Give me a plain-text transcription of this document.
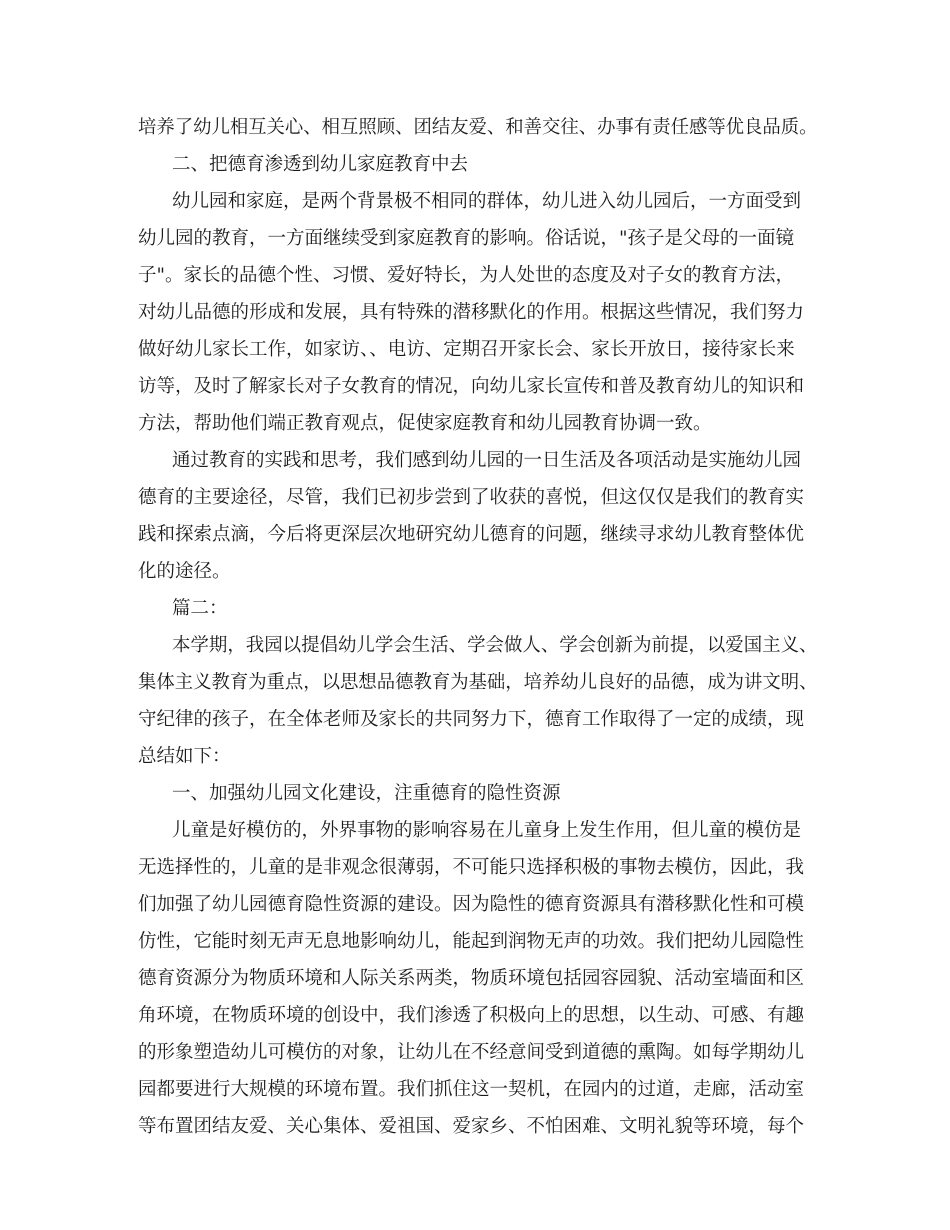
培养了幼儿相互关心、相互照顾、团结友爱、和善交往、办事有责任感等优良品质。
二、把德育渗透到幼儿家庭教育中去
幼儿园和家庭，是两个背景极不相同的群体，幼儿进入幼儿园后，一方面受到
幼儿园的教育，一方面继续受到家庭教育的影响。俗话说，"孩子是父母的一面镜
子"。家长的品德个性、习惯、爱好特长，为人处世的态度及对子女的教育方法，
对幼儿品德的形成和发展，具有特殊的潜移默化的作用。根据这些情况，我们努力
做好幼儿家长工作，如家访、、电访、定期召开家长会、家长开放日，接待家长来
访等，及时了解家长对子女教育的情况，向幼儿家长宣传和普及教育幼儿的知识和
方法，帮助他们端正教育观点，促使家庭教育和幼儿园教育协调一致。
通过教育的实践和思考，我们感到幼儿园的一日生活及各项活动是实施幼儿园
德育的主要途径，尽管，我们已初步尝到了收获的喜悦，但这仅仅是我们的教育实
践和探索点滴，今后将更深层次地研究幼儿德育的问题，继续寻求幼儿教育整体优
化的途径。
篇二：
本学期，我园以提倡幼儿学会生活、学会做人、学会创新为前提，以爱国主义、
集体主义教育为重点，以思想品德教育为基础，培养幼儿良好的品德，成为讲文明、
守纪律的孩子，在全体老师及家长的共同努力下，德育工作取得了一定的成绩，现
总结如下：
一、加强幼儿园文化建设，注重德育的隐性资源
儿童是好模仿的，外界事物的影响容易在儿童身上发生作用，但儿童的模仿是
无选择性的，儿童的是非观念很薄弱，不可能只选择积极的事物去模仿，因此，我
们加强了幼儿园德育隐性资源的建设。因为隐性的德育资源具有潜移默化性和可模
仿性，它能时刻无声无息地影响幼儿，能起到润物无声的功效。我们把幼儿园隐性
德育资源分为物质环境和人际关系两类，物质环境包括园容园貌、活动室墙面和区
角环境，在物质环境的创设中，我们渗透了积极向上的思想，以生动、可感、有趣
的形象塑造幼儿可模仿的对象，让幼儿在不经意间受到道德的熏陶。如每学期幼儿
园都要进行大规模的环境布置。我们抓住这一契机，在园内的过道，走廊，活动室
等布置团结友爱、关心集体、爱祖国、爱家乡、不怕困难、文明礼貌等环境，每个
